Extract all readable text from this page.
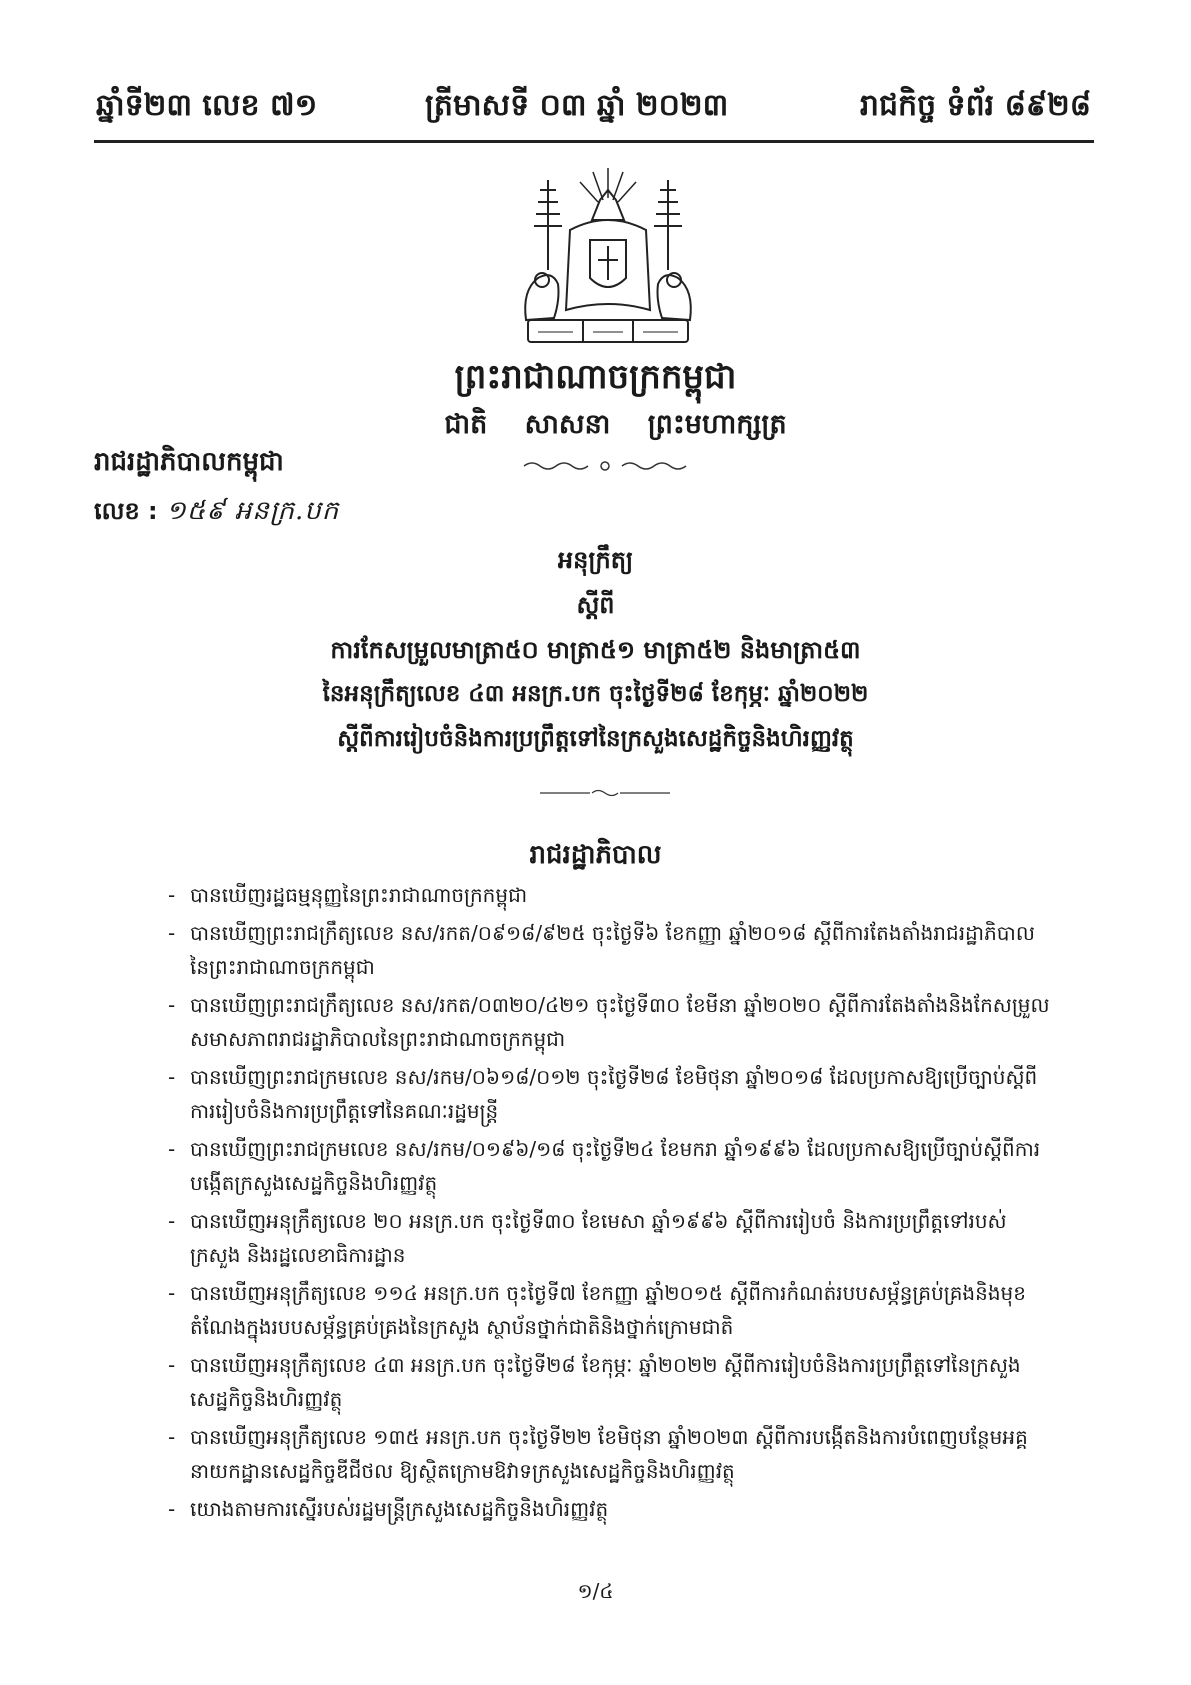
ឆ្នាំទី២៣ លេខ ៧១	ត្រីមាសទី ០៣ ឆ្នាំ ២០២៣	រាជកិច្ច ទំព័រ ៨៩២៨
ព្រះរាជាណាចក្រកម្ពុជា
ជាតិ សាសនា ព្រះមហាក្សត្រ
រាជរដ្ឋាភិបាលកម្ពុជា
លេខ : ១៥៩ អនក្រ.បក
អនុក្រឹត្យ
ស្ដីពី
ការកែសម្រួលមាត្រា៥០ មាត្រា៥១ មាត្រា៥២ និងមាត្រា៥៣
នៃអនុក្រឹត្យលេខ ៤៣ អនក្រ.បក ចុះថ្ងៃទី២៨ ខែកុម្ភៈ ឆ្នាំ២០២២
ស្ដីពីការរៀបចំនិងការប្រព្រឹត្តទៅនៃក្រសួងសេដ្ឋកិច្ចនិងហិរញ្ញវត្ថុ
រាជរដ្ឋាភិបាល
- បានឃើញរដ្ឋធម្មនុញ្ញនៃព្រះរាជាណាចក្រកម្ពុជា
- បានឃើញព្រះរាជក្រឹត្យលេខ នស/រកត/០៩១៨/៩២៥ ចុះថ្ងៃទី៦ ខែកញ្ញា ឆ្នាំ២០១៨ ស្ដីពីការតែងតាំងរាជរដ្ឋាភិបាលនៃព្រះរាជាណាចក្រកម្ពុជា
- បានឃើញព្រះរាជក្រឹត្យលេខ នស/រកត/០៣២០/៤២១ ចុះថ្ងៃទី៣០ ខែមីនា ឆ្នាំ២០២០ ស្ដីពីការតែងតាំងនិងកែសម្រួលសមាសភាពរាជរដ្ឋាភិបាលនៃព្រះរាជាណាចក្រកម្ពុជា
- បានឃើញព្រះរាជក្រមលេខ នស/រកម/០៦១៨/០១២ ចុះថ្ងៃទី២៨ ខែមិថុនា ឆ្នាំ២០១៨ ដែលប្រកាសឱ្យប្រើច្បាប់ស្ដីពីការរៀបចំនិងការប្រព្រឹត្តទៅនៃគណៈរដ្ឋមន្ត្រី
- បានឃើញព្រះរាជក្រមលេខ នស/រកម/០១៩៦/១៨ ចុះថ្ងៃទី២៤ ខែមករា ឆ្នាំ១៩៩៦ ដែលប្រកាសឱ្យប្រើច្បាប់ស្ដីពីការបង្កើតក្រសួងសេដ្ឋកិច្ចនិងហិរញ្ញវត្ថុ
- បានឃើញអនុក្រឹត្យលេខ ២០ អនក្រ.បក ចុះថ្ងៃទី៣០ ខែមេសា ឆ្នាំ១៩៩៦ ស្ដីពីការរៀបចំ និងការប្រព្រឹត្តទៅរបស់ក្រសួង និងរដ្ឋលេខាធិការដ្ឋាន
- បានឃើញអនុក្រឹត្យលេខ ១១៤ អនក្រ.បក ចុះថ្ងៃទី៧ ខែកញ្ញា ឆ្នាំ២០១៥ ស្ដីពីការកំណត់របបសម្ភ័ន្ធគ្រប់គ្រងនិងមុខតំណែងក្នុងរបបសម្ភ័ន្ធគ្រប់គ្រងនៃក្រសួង ស្ថាប័នថ្នាក់ជាតិនិងថ្នាក់ក្រោមជាតិ
- បានឃើញអនុក្រឹត្យលេខ ៤៣ អនក្រ.បក ចុះថ្ងៃទី២៨ ខែកុម្ភៈ ឆ្នាំ២០២២ ស្ដីពីការរៀបចំនិងការប្រព្រឹត្តទៅនៃក្រសួងសេដ្ឋកិច្ចនិងហិរញ្ញវត្ថុ
- បានឃើញអនុក្រឹត្យលេខ ១៣៥ អនក្រ.បក ចុះថ្ងៃទី២២ ខែមិថុនា ឆ្នាំ២០២៣ ស្ដីពីការបង្កើតនិងការបំពេញបន្ថែមអគ្គនាយកដ្ឋានសេដ្ឋកិច្ចឌីជីថល ឱ្យស្ថិតក្រោមឱវាទក្រសួងសេដ្ឋកិច្ចនិងហិរញ្ញវត្ថុ
- យោងតាមការស្នើរបស់រដ្ឋមន្ត្រីក្រសួងសេដ្ឋកិច្ចនិងហិរញ្ញវត្ថុ
១/៤
